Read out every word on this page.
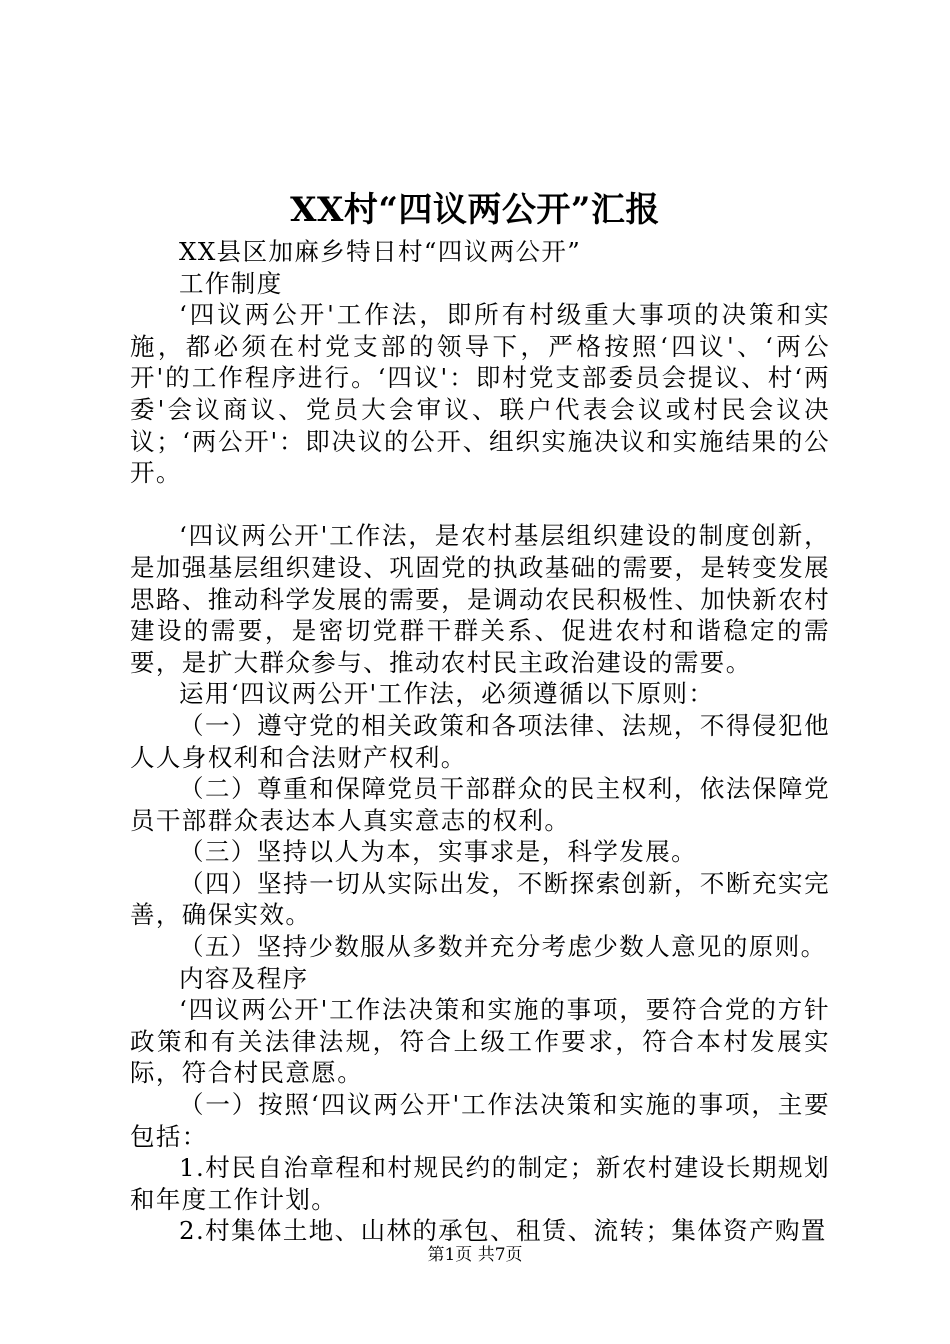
XX村“四议两公开”汇报

XX县区加麻乡特日村“四议两公开”

工作制度

‘四议两公开'工作法，即所有村级重大事项的决策和实施，都必须在村党支部的领导下，严格按照‘四议'、‘两公开'的工作程序进行。‘四议'：即村党支部委员会提议、村‘两委'会议商议、党员大会审议、联户代表会议或村民会议决议；‘两公开'：即决议的公开、组织实施决议和实施结果的公开。

‘四议两公开'工作法，是农村基层组织建设的制度创新，是加强基层组织建设、巩固党的执政基础的需要，是转变发展思路、推动科学发展的需要，是调动农民积极性、加快新农村建设的需要，是密切党群干群关系、促进农村和谐稳定的需要，是扩大群众参与、推动农村民主政治建设的需要。

运用‘四议两公开'工作法，必须遵循以下原则：

（一）遵守党的相关政策和各项法律、法规，不得侵犯他人人身权利和合法财产权利。

（二）尊重和保障党员干部群众的民主权利，依法保障党员干部群众表达本人真实意志的权利。

（三）坚持以人为本，实事求是，科学发展。

（四）坚持一切从实际出发，不断探索创新，不断充实完善，确保实效。

（五）坚持少数服从多数并充分考虑少数人意见的原则。

内容及程序

‘四议两公开'工作法决策和实施的事项，要符合党的方针政策和有关法律法规，符合上级工作要求，符合本村发展实际，符合村民意愿。

（一）按照‘四议两公开'工作法决策和实施的事项，主要包括：

1.村民自治章程和村规民约的制定；新农村建设长期规划和年度工作计划。

2.村集体土地、山林的承包、租赁、流转；集体资产购置

第1页 共7页
